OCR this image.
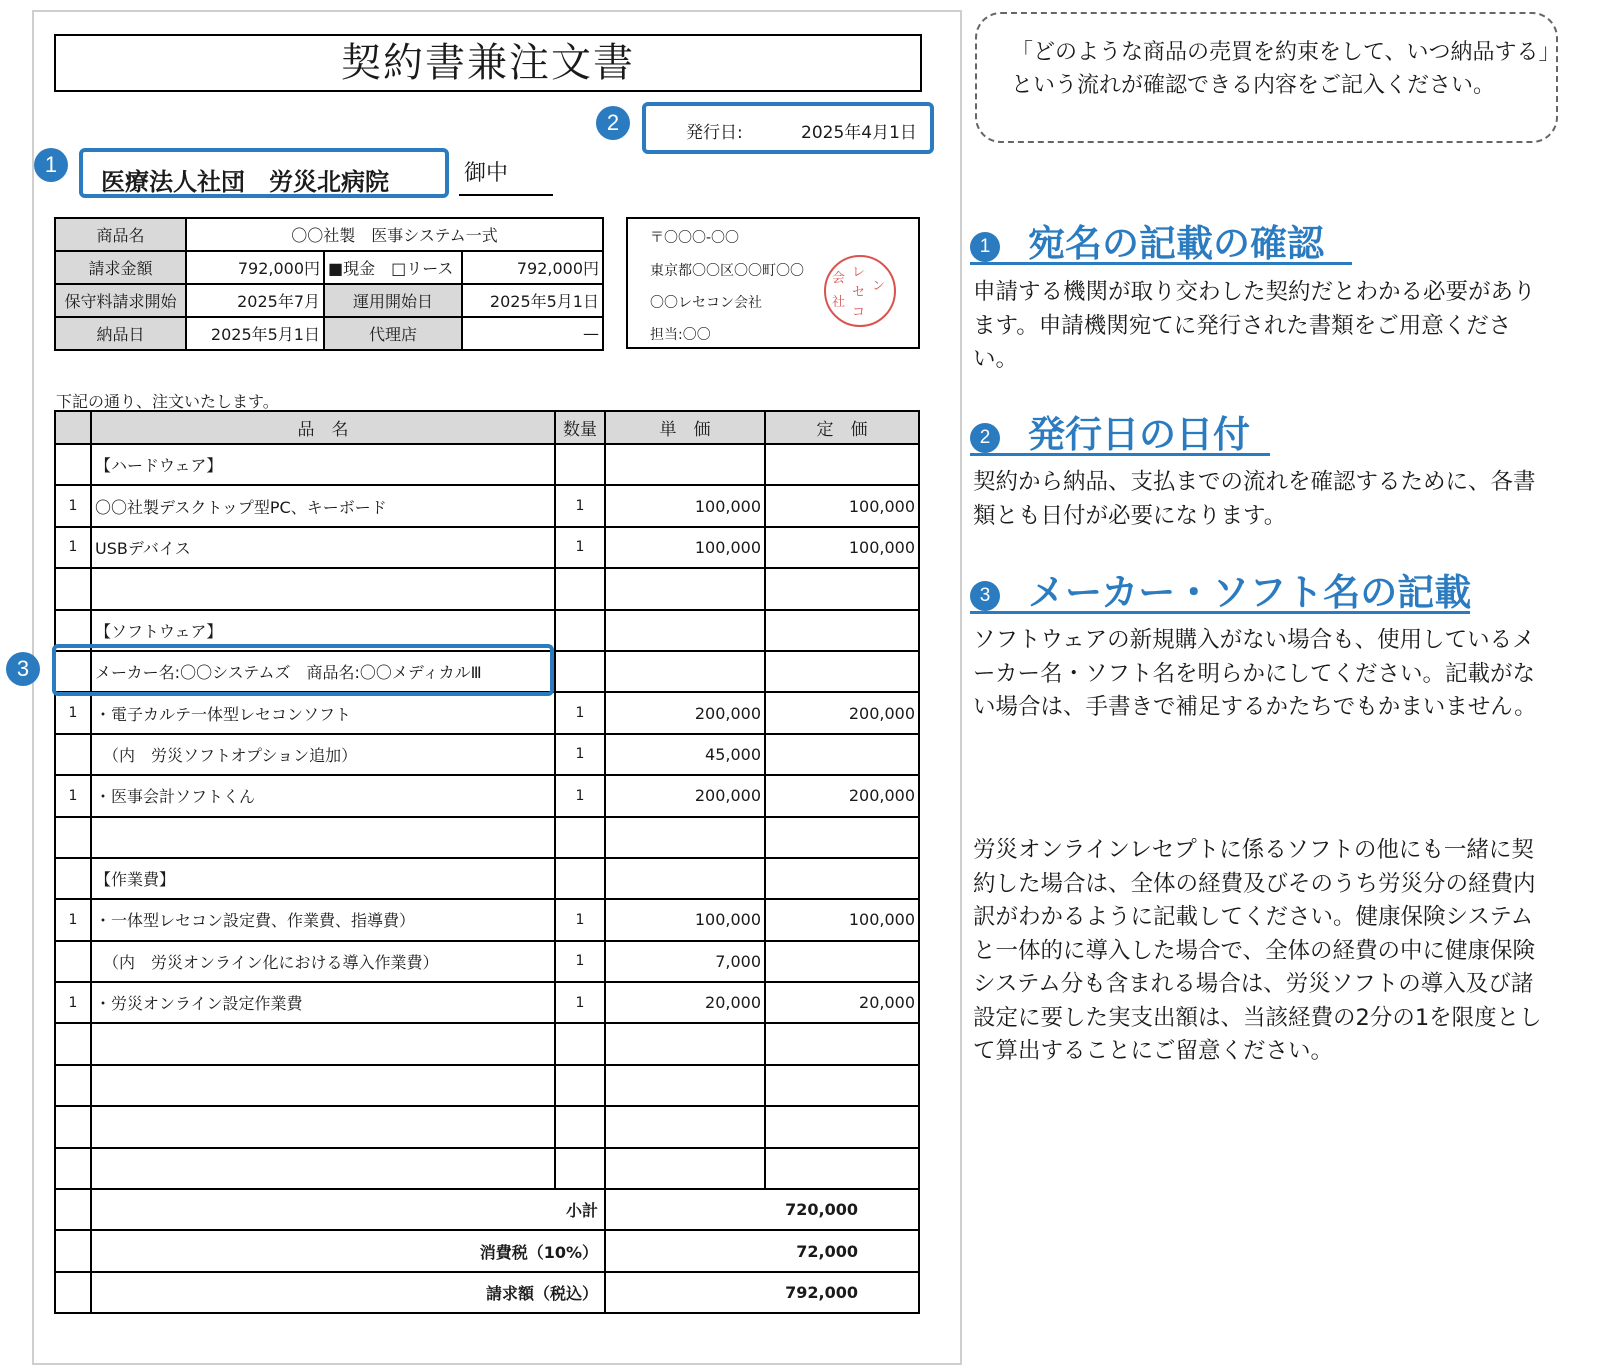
契約書兼注文書
2	発行日:	2025年4月1日
1
医療法人社団　労災北病院	御中
商品名	〇〇社製　医事システム一式		
請求金額	792,000円	■現金　□リース	792,000円
保守料請求開始	2025年7月	運用開始日	2025年5月1日
納品日	2025年5月1日	代理店	—
〒〇〇〇-〇〇
東京都〇〇区〇〇町〇〇
〇〇レセコン会社
担当:〇〇
会
社
レ
セ
コ
ン
下記の通り、注文いたします。
	品　名	数量	単　価	定　価
	【ハードウェア】			
1	〇〇社製デスクトップ型PC、キーボード	1	100,000	100,000
1	USBデバイス	1	100,000	100,000

	【ソフトウェア】			
	メーカー名:〇〇システムズ　商品名:〇〇メディカルⅢ			
1	・電子カルテ一体型レセコンソフト	1	200,000	200,000
	　（内　労災ソフトオプション追加）	1	45,000	
1	・医事会計ソフトくん	1	200,000	200,000

	【作業費】			
1	・一体型レセコン設定費、作業費、指導費）	1	100,000	100,000
	　（内　労災オンライン化における導入作業費）	1	7,000	
1	・労災オンライン設定作業費	1	20,000	20,000

	小計		720,000	
	消費税（10%）		72,000	
	請求額（税込）		792,000	
3
「どのような商品の売買を約束をして、いつ納品する」という流れが確認できる内容をご記入ください。
1 宛名の記載の確認
申請する機関が取り交わした契約だとわかる必要があります。申請機関宛てに発行された書類をご用意ください。
2 発行日の日付
契約から納品、支払までの流れを確認するために、各書類とも日付が必要になります。
3 メーカー・ソフト名の記載
ソフトウェアの新規購入がない場合も、使用しているメーカー名・ソフト名を明らかにしてください。記載がない場合は、手書きで補足するかたちでもかまいません。
労災オンラインレセプトに係るソフトの他にも一緒に契約した場合は、全体の経費及びそのうち労災分の経費内訳がわかるように記載してください。健康保険システムと一体的に導入した場合で、全体の経費の中に健康保険システム分も含まれる場合は、労災ソフトの導入及び諸設定に要した実支出額は、当該経費の2分の1を限度として算出することにご留意ください。
